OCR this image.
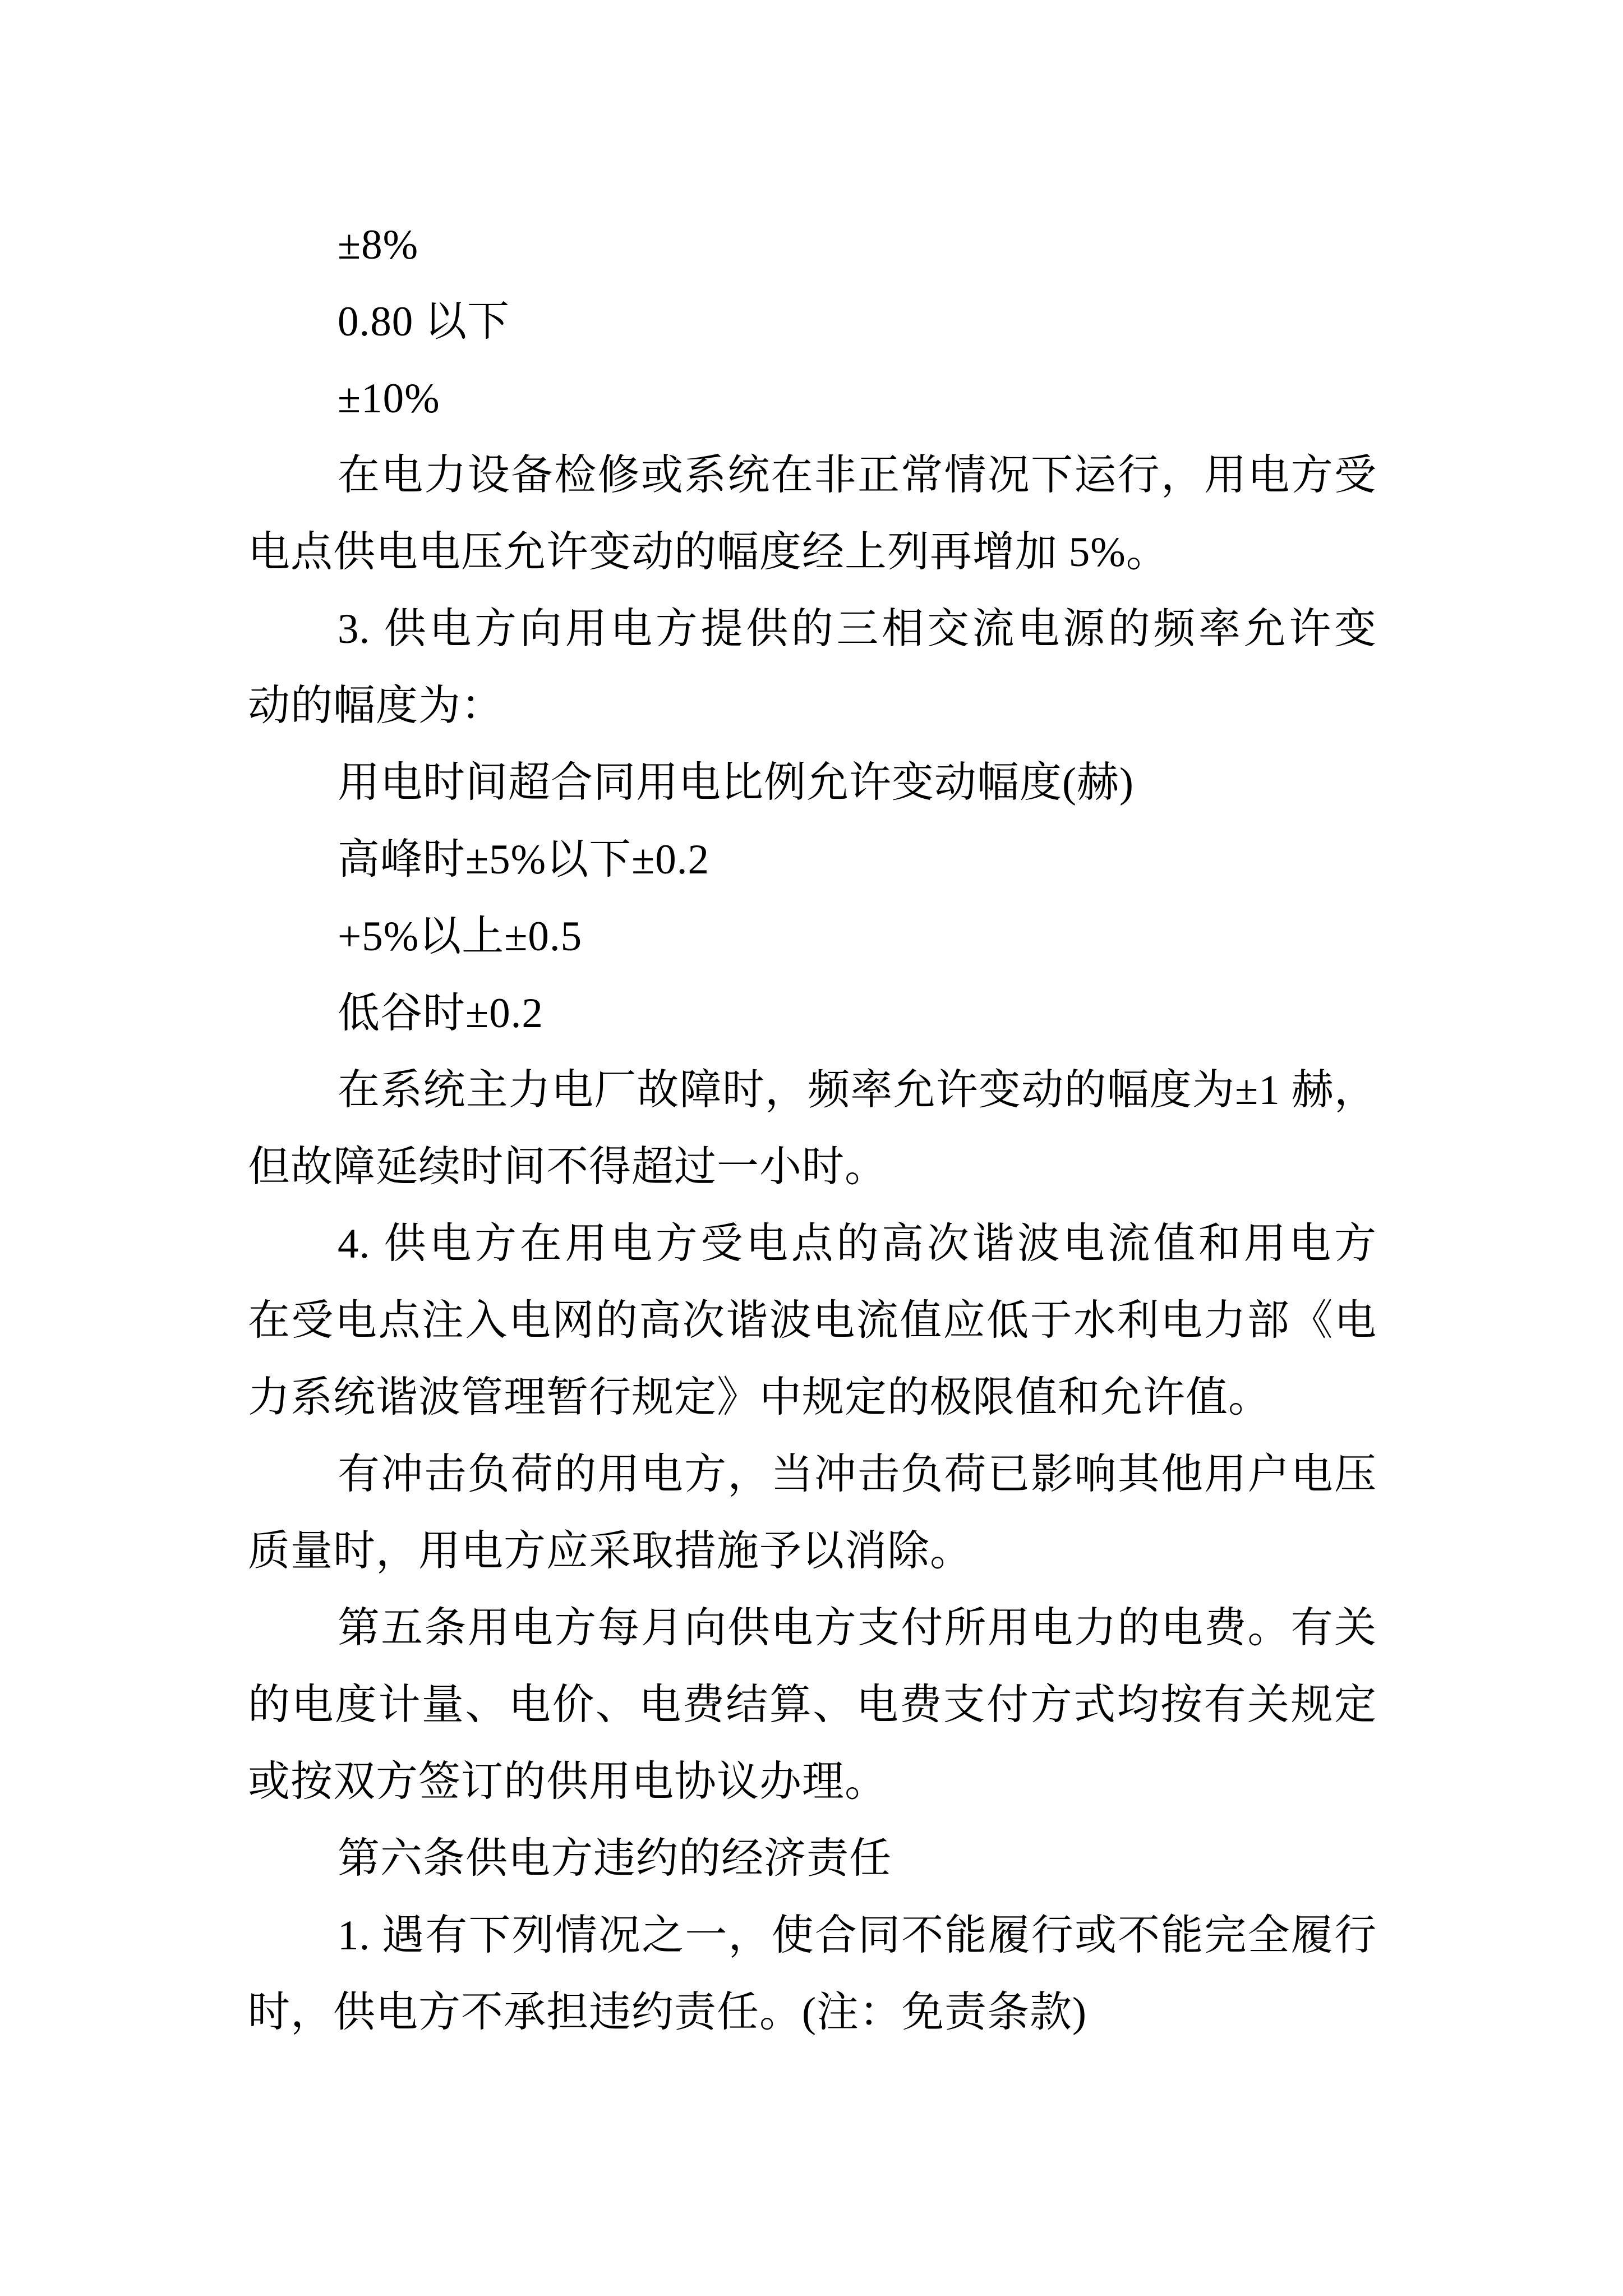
±8%
0.80 以下
±10%
在电力设备检修或系统在非正常情况下运行，用电方受
电点供电电压允许变动的幅度经上列再增加 5%。
3. 供电方向用电方提供的三相交流电源的频率允许变
动的幅度为：
用电时间超合同用电比例允许变动幅度(赫)
高峰时±5%以下±0.2
+5%以上±0.5
低谷时±0.2
在系统主力电厂故障时，频率允许变动的幅度为±1 赫，
但故障延续时间不得超过一小时。
4. 供电方在用电方受电点的高次谐波电流值和用电方
在受电点注入电网的高次谐波电流值应低于水利电力部《电
力系统谐波管理暂行规定》中规定的极限值和允许值。
有冲击负荷的用电方，当冲击负荷已影响其他用户电压
质量时，用电方应采取措施予以消除。
第五条用电方每月向供电方支付所用电力的电费。有关
的电度计量、电价、电费结算、电费支付方式均按有关规定
或按双方签订的供用电协议办理。
第六条供电方违约的经济责任
1. 遇有下列情况之一，使合同不能履行或不能完全履行
时，供电方不承担违约责任。(注：免责条款)
